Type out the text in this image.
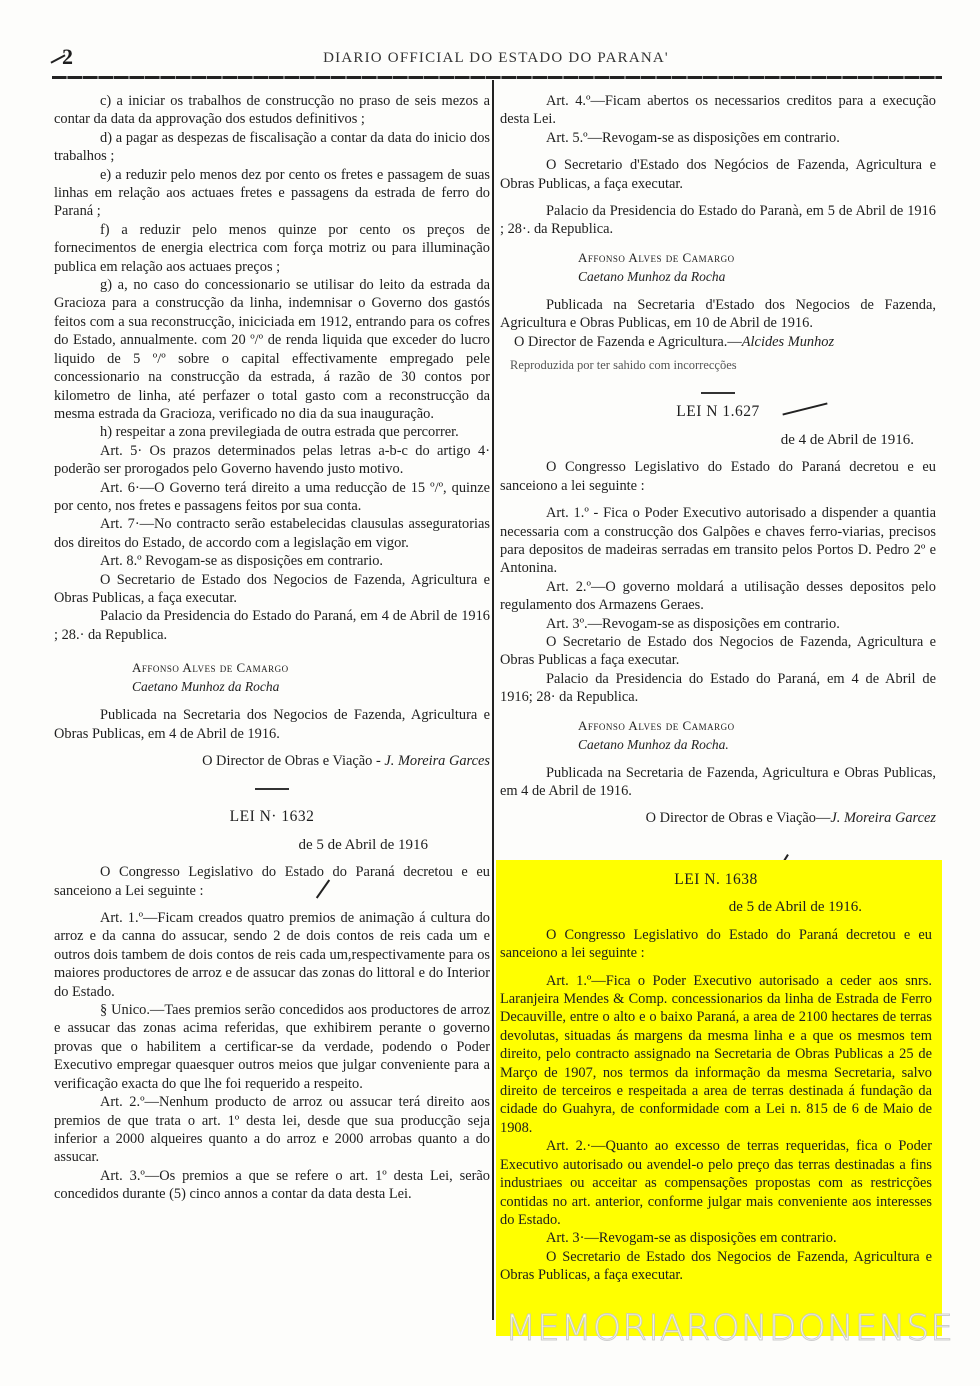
2	DIARIO OFFICIAL DO ESTADO DO PARANA'

c) a iniciar os trabalhos de construcção no praso de seis mezos a contar da data da approvação dos estudos definitivos ;

d) a pagar as despezas de fiscalisação a contar da data do inicio dos trabalhos ;

e) a reduzir pelo menos dez por cento os fretes e passagem de suas linhas em relação aos actuaes fretes e passagens da estrada de ferro do Paraná ;

f) a reduzir pelo menos quinze por cento os preços de fornecimentos de energia electrica com força motriz ou para illuminação publica em relação aos actuaes preços ;

g) a, no caso do concessionario se utilisar do leito da estrada da Gracioza para a construcção da linha, indemnisar o Governo dos gastós feitos com a sua reconstrucção, iniciciada em 1912, entrando para os cofres do Estado, annualmente. com 20 º/º de renda liquida que exceder do lucro liquido de 5 º/º sobre o capital effectivamente empregado pele concessionario na construcção da estrada, á razão de 30 contos por kilometro de linha, até perfazer o total gasto com a reconstrucção da mesma estrada da Gracioza, verificado no dia da sua inauguração.

h) respeitar a zona previlegiada de outra estrada que percorrer.

Art. 5· Os prazos determinados pelas letras a-b-c do artigo 4· poderão ser prorogados pelo Governo havendo justo motivo.

Art. 6·—O Governo terá direito a uma reducção de 15 º/º, quinze por cento, nos fretes e passagens feitos por sua conta.

Art. 7·—No contracto serão estabelecidas clausulas asseguratorias dos direitos do Estado, de accordo com a legislação em vigor.

Art. 8.º Revogam-se as disposições em contrario.

O Secretario de Estado dos Negocios de Fazenda, Agricultura e Obras Publicas, a faça executar.

Palacio da Presidencia do Estado do Paraná, em 4 de Abril de 1916 ; 28.· da Republica.

Affonso Alves de Camargo
Caetano Munhoz da Rocha

Publicada na Secretaria dos Negocios de Fazenda, Agricultura e Obras Publicas, em 4 de Abril de 1916.

O Director de Obras e Viação - J. Moreira Garces

LEI N· 1632

de 5 de Abril de 1916

O Congresso Legislativo do Estado do Paraná decretou e eu sanceiono a Lei seguinte :

Art. 1.º—Ficam creados quatro premios de animação á cultura do arroz e da canna do assucar, sendo 2 de dois contos de reis cada um e outros dois tambem de dois contos de reis cada um,respectivamente para os maiores productores de arroz e de assucar das zonas do littoral e do Interior do Estado.

§ Unico.—Taes premios serão concedidos aos productores de arroz e assucar das zonas acima referidas, que exhibirem perante o governo provas que o habilitem a certificar-se da verdade, podendo o Poder Executivo empregar quaesquer outros meios que julgar conveniente para a verificação exacta do que lhe foi requerido a respeito.

Art. 2.º—Nenhum producto de arroz ou assucar terá direito aos premios de que trata o art. 1º desta lei, desde que sua producção seja inferior a 2000 alqueires quanto a do arroz e 2000 arrobas quanto a do assucar.

Art. 3.º—Os premios a que se refere o art. 1º desta Lei, serão concedidos durante (5) cinco annos a contar da data desta Lei.

Art. 4.º—Ficam abertos os necessarios creditos para a execução desta Lei.

Art. 5.º—Revogam-se as disposições em contrario.

O Secretario d'Estado dos Negócios de Fazenda, Agricultura e Obras Publicas, a faça executar.

Palacio da Presidencia do Estado do Paranà, em 5 de Abril de 1916 ; 28·. da Republica.

Affonso Alves de Camargo
Caetano Munhoz da Rocha

Publicada na Secretaria d'Estado dos Negocios de Fazenda, Agricultura e Obras Publicas, em 10 de Abril de 1916.

O Director de Fazenda e Agricultura.—Alcides Munhoz

Reproduzida por ter sahido com incorrecções

LEI N 1.627

de 4 de Abril de 1916.

O Congresso Legislativo do Estado do Paraná decretou e eu sanceiono a lei seguinte :

Art. 1.º - Fica o Poder Executivo autorisado a dispender a quantia necessaria com a construcção dos Galpões e chaves ferro-viarias, precisos para depositos de madeiras serradas em transito pelos Portos D. Pedro 2º e Antonina.

Art. 2.º—O governo moldará a utilisação desses depositos pelo regulamento dos Armazens Geraes.

Art. 3º.—Revogam-se as disposições em contrario.

O Secretario de Estado dos Negocios de Fazenda, Agricultura e Obras Publicas a faça executar.

Palacio da Presidencia do Estado do Paraná, em 4 de Abril de 1916; 28· da Republica.

Affonso Alves de Camargo
Caetano Munhoz da Rocha.

Publicada na Secretaria de Fazenda, Agricultura e Obras Publicas, em 4 de Abril de 1916.

O Director de Obras e Viação—J. Moreira Garcez

LEI N. 1638

de 5 de Abril de 1916.

O Congresso Legislativo do Estado do Paraná decretou e eu sanceiono a lei seguinte :

Art. 1.º—Fica o Poder Executivo autorisado a ceder aos snrs. Laranjeira Mendes & Comp. concessionarios da linha de Estrada de Ferro Decauville, entre o alto e o baixo Paraná, a area de 2100 hectares de terras devolutas, situadas ás margens da mesma linha e a que os mesmos tem direito, pelo contracto assignado na Secretaria de Obras Publicas a 25 de Março de 1907, nos termos da informação da mesma Secretaria, salvo direito de terceiros e respeitada a area de terras destinada á fundação da cidade do Guahyra, de conformidade com a Lei n. 815 de 6 de Maio de 1908.

Art. 2.·—Quanto ao excesso de terras requeridas, fica o Poder Executivo autorisado ou avendel-o pelo preço das terras destinadas a fins industriaes ou acceitar as compensações propostas com as restricções contidas no art. anterior, conforme julgar mais conveniente aos interesses do Estado.

Art. 3·—Revogam-se as disposições em contrario.

O Secretario de Estado dos Negocios de Fazenda, Agricultura e Obras Publicas, a faça executar.

MEMORIARONDONENSE
